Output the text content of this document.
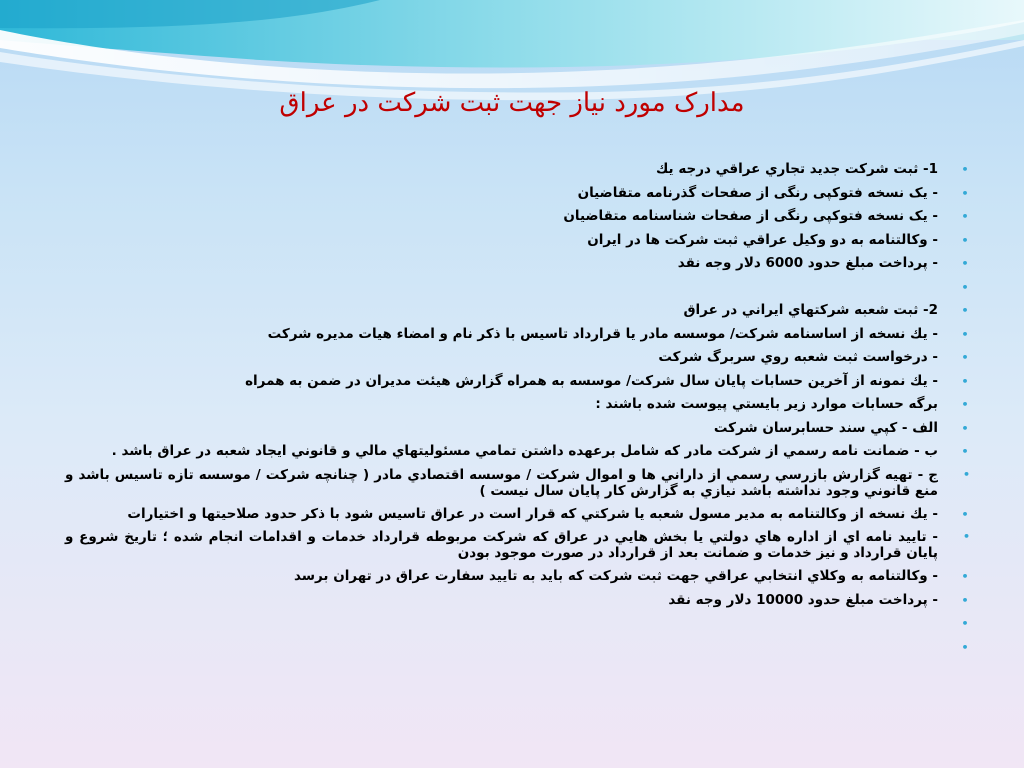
مدارک مورد نیاز جهت ثبت شرکت در عراق
•
1- ثبت شرکت جدید تجاري عراقي درجه يك
•
- یک نسخه فتوکپی رنگی از صفحات گذرنامه متقاضیان
•
- یک نسخه فتوکپی رنگی از صفحات شناسنامه متقاضیان
•
- وکالتنامه به دو وکيل عراقي ثبت شرکت ها در ايران
•
- پرداخت مبلغ حدود 6000 دلار وجه نقد
•

•
2- ثبت شعبه شرکتهاي ايراني در عراق
•
- يك نسخه از اساسنامه شركت/ موسسه مادر يا قرارداد تاسيس با ذكر نام و امضاء هيات مديره شركت
•
- درخواست ثبت شعبه روي سربرگ شركت
•
- يك نمونه از آخرين حسابات پايان سال شركت/ موسسه به همراه گزارش هيئت مديران در ضمن به همراه
•
برگه حسابات موارد زير بايستي پيوست شده باشند :
•
الف - كپي سند حسابرسان شركت
•
ب - ضمانت نامه رسمي از شركت مادر كه شامل برعهده داشتن تمامي مسئوليتهاي مالي و قانوني ايجاد شعبه در عراق باشد .
•
ج - تهيه گزارش بازرسي رسمي از داراني ها و اموال شركت / موسسه اقتصادي مادر ( چنانچه شركت / موسسه تازه تاسيس باشد و منع قانوني وجود نداشته باشد نيازي به گزارش كار پايان سال نيست )
•
- يك نسخه از وكالتنامه به مدير مسول شعبه يا شركتي كه قرار است در عراق تاسيس شود با ذكر حدود صلاحيتها و اختيارات
•
- تاييد نامه اي از اداره هاي دولتي يا بخش هايي در عراق كه شركت مربوطه قرارداد خدمات و اقدامات انجام شده ؛ تاريخ شروع و پايان قرارداد و نيز خدمات و ضمانت بعد از قرارداد در صورت موجود بودن
•
- وکالتنامه به وكلاي انتخابي عراقي جهت ثبت شركت كه بايد به تاييد سفارت عراق در تهران برسد
•
- پرداخت مبلغ حدود 10000 دلار وجه نقد
•

•
